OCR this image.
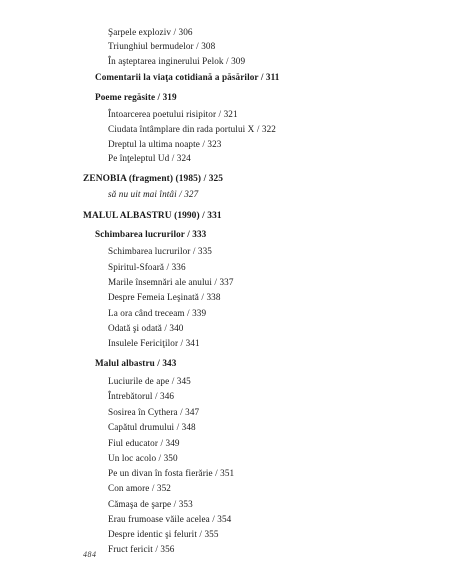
Şarpele exploziv / 306
Triunghiul bermudelor / 308
În aşteptarea inginerului Pelok / 309
Comentarii la viaţa cotidiană a păsărilor / 311
Poeme regăsite / 319
Întoarcerea poetului risipitor / 321
Ciudata întâmplare din rada portului X / 322
Dreptul la ultima noapte / 323
Pe înţeleptul Ud / 324
ZENOBIA (fragment) (1985) / 325
să nu uit mai întâi / 327
MALUL ALBASTRU (1990) / 331
Schimbarea lucrurilor / 333
Schimbarea lucrurilor / 335
Spiritul-Sfoară / 336
Marile însemnări ale anului / 337
Despre Femeia Leşinată / 338
La ora când treceam / 339
Odată şi odată / 340
Insulele Fericiţilor / 341
Malul albastru / 343
Luciurile de ape / 345
Întrebătorul / 346
Sosirea în Cythera / 347
Capătul drumului / 348
Fiul educator / 349
Un loc acolo / 350
Pe un divan în fosta fierărie / 351
Con amore / 352
Cămaşa de şarpe / 353
Erau frumoase văile acelea / 354
Despre identic şi felurit / 355
Fruct fericit / 356
484
